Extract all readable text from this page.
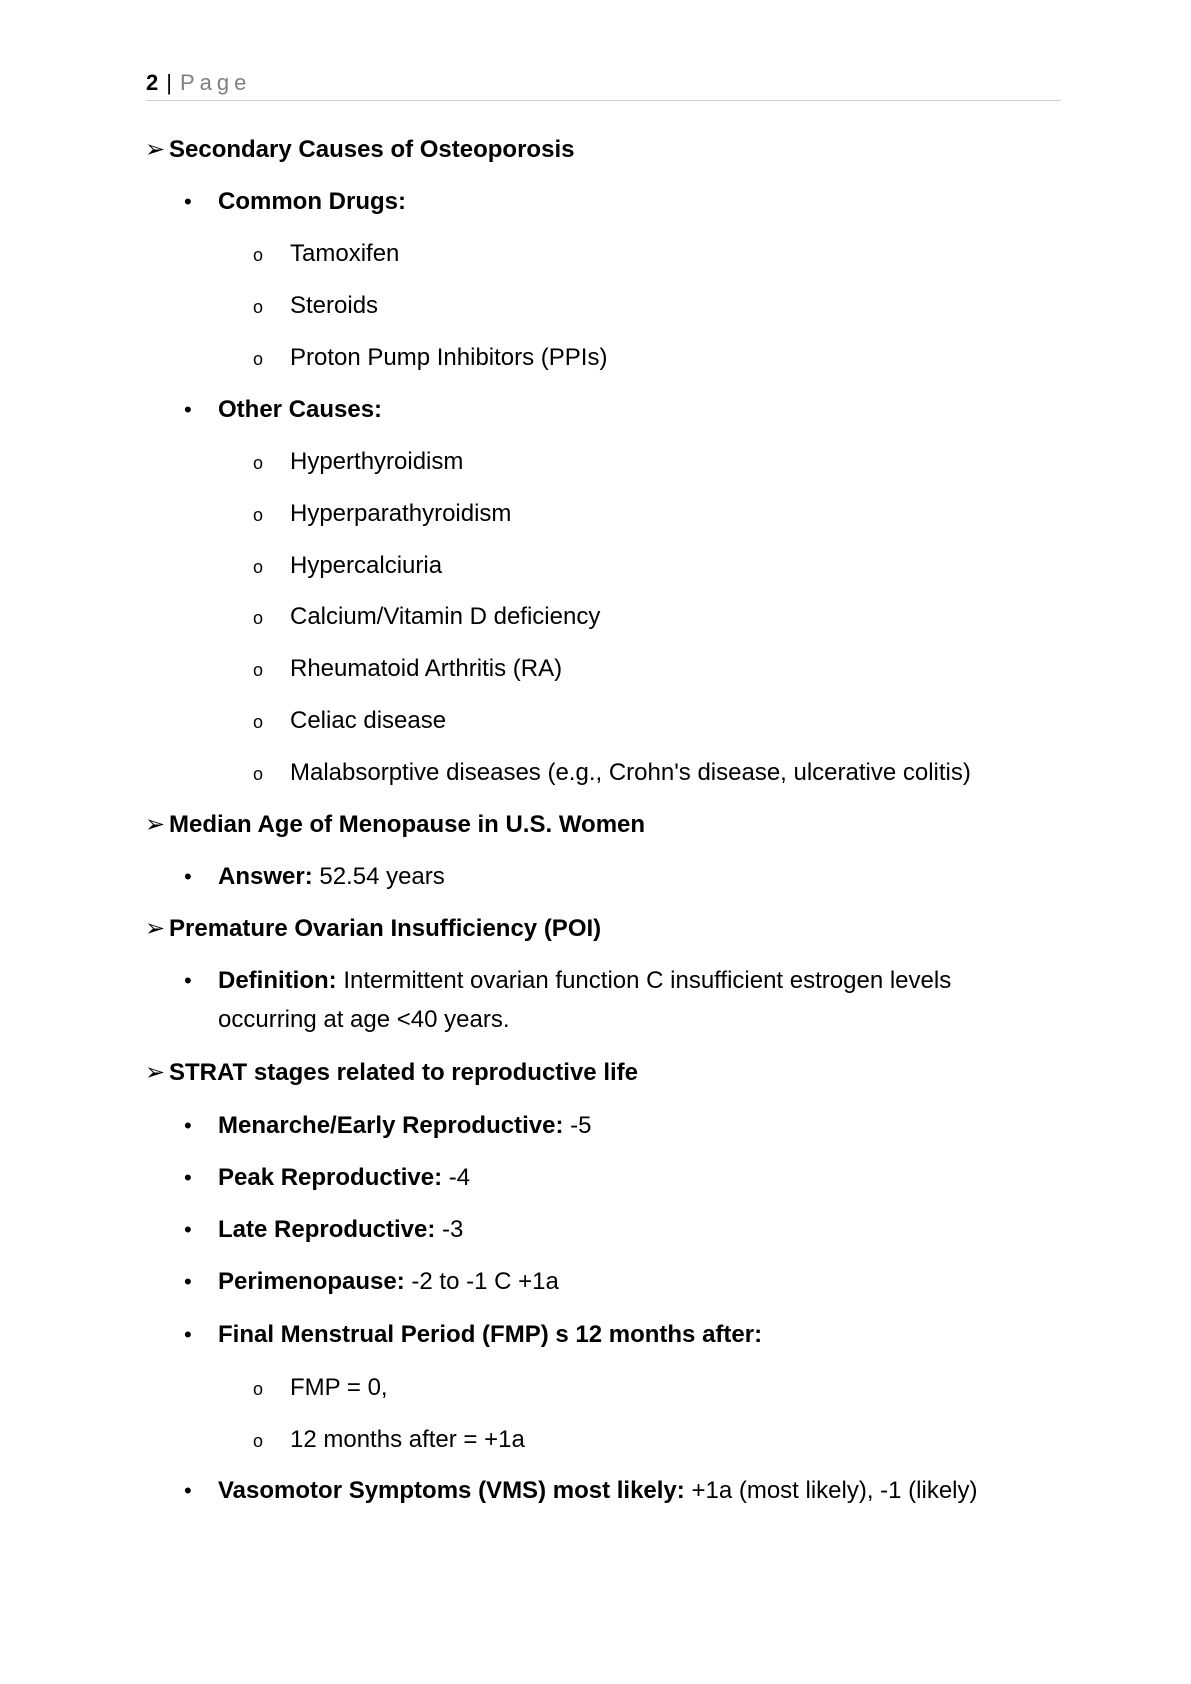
2 | Page
➢ Secondary Causes of Osteoporosis
• Common Drugs:
o Tamoxifen
o Steroids
o Proton Pump Inhibitors (PPIs)
• Other Causes:
o Hyperthyroidism
o Hyperparathyroidism
o Hypercalciuria
o Calcium/Vitamin D deficiency
o Rheumatoid Arthritis (RA)
o Celiac disease
o Malabsorptive diseases (e.g., Crohn's disease, ulcerative colitis)
➢ Median Age of Menopause in U.S. Women
• Answer: 52.54 years
➢ Premature Ovarian Insufficiency (POI)
• Definition: Intermittent ovarian function C insufficient estrogen levels
occurring at age <40 years.
➢ STRAT stages related to reproductive life
• Menarche/Early Reproductive: -5
• Peak Reproductive: -4
• Late Reproductive: -3
• Perimenopause: -2 to -1 C +1a
• Final Menstrual Period (FMP) s 12 months after:
o FMP = 0,
o 12 months after = +1a
• Vasomotor Symptoms (VMS) most likely: +1a (most likely), -1 (likely)
